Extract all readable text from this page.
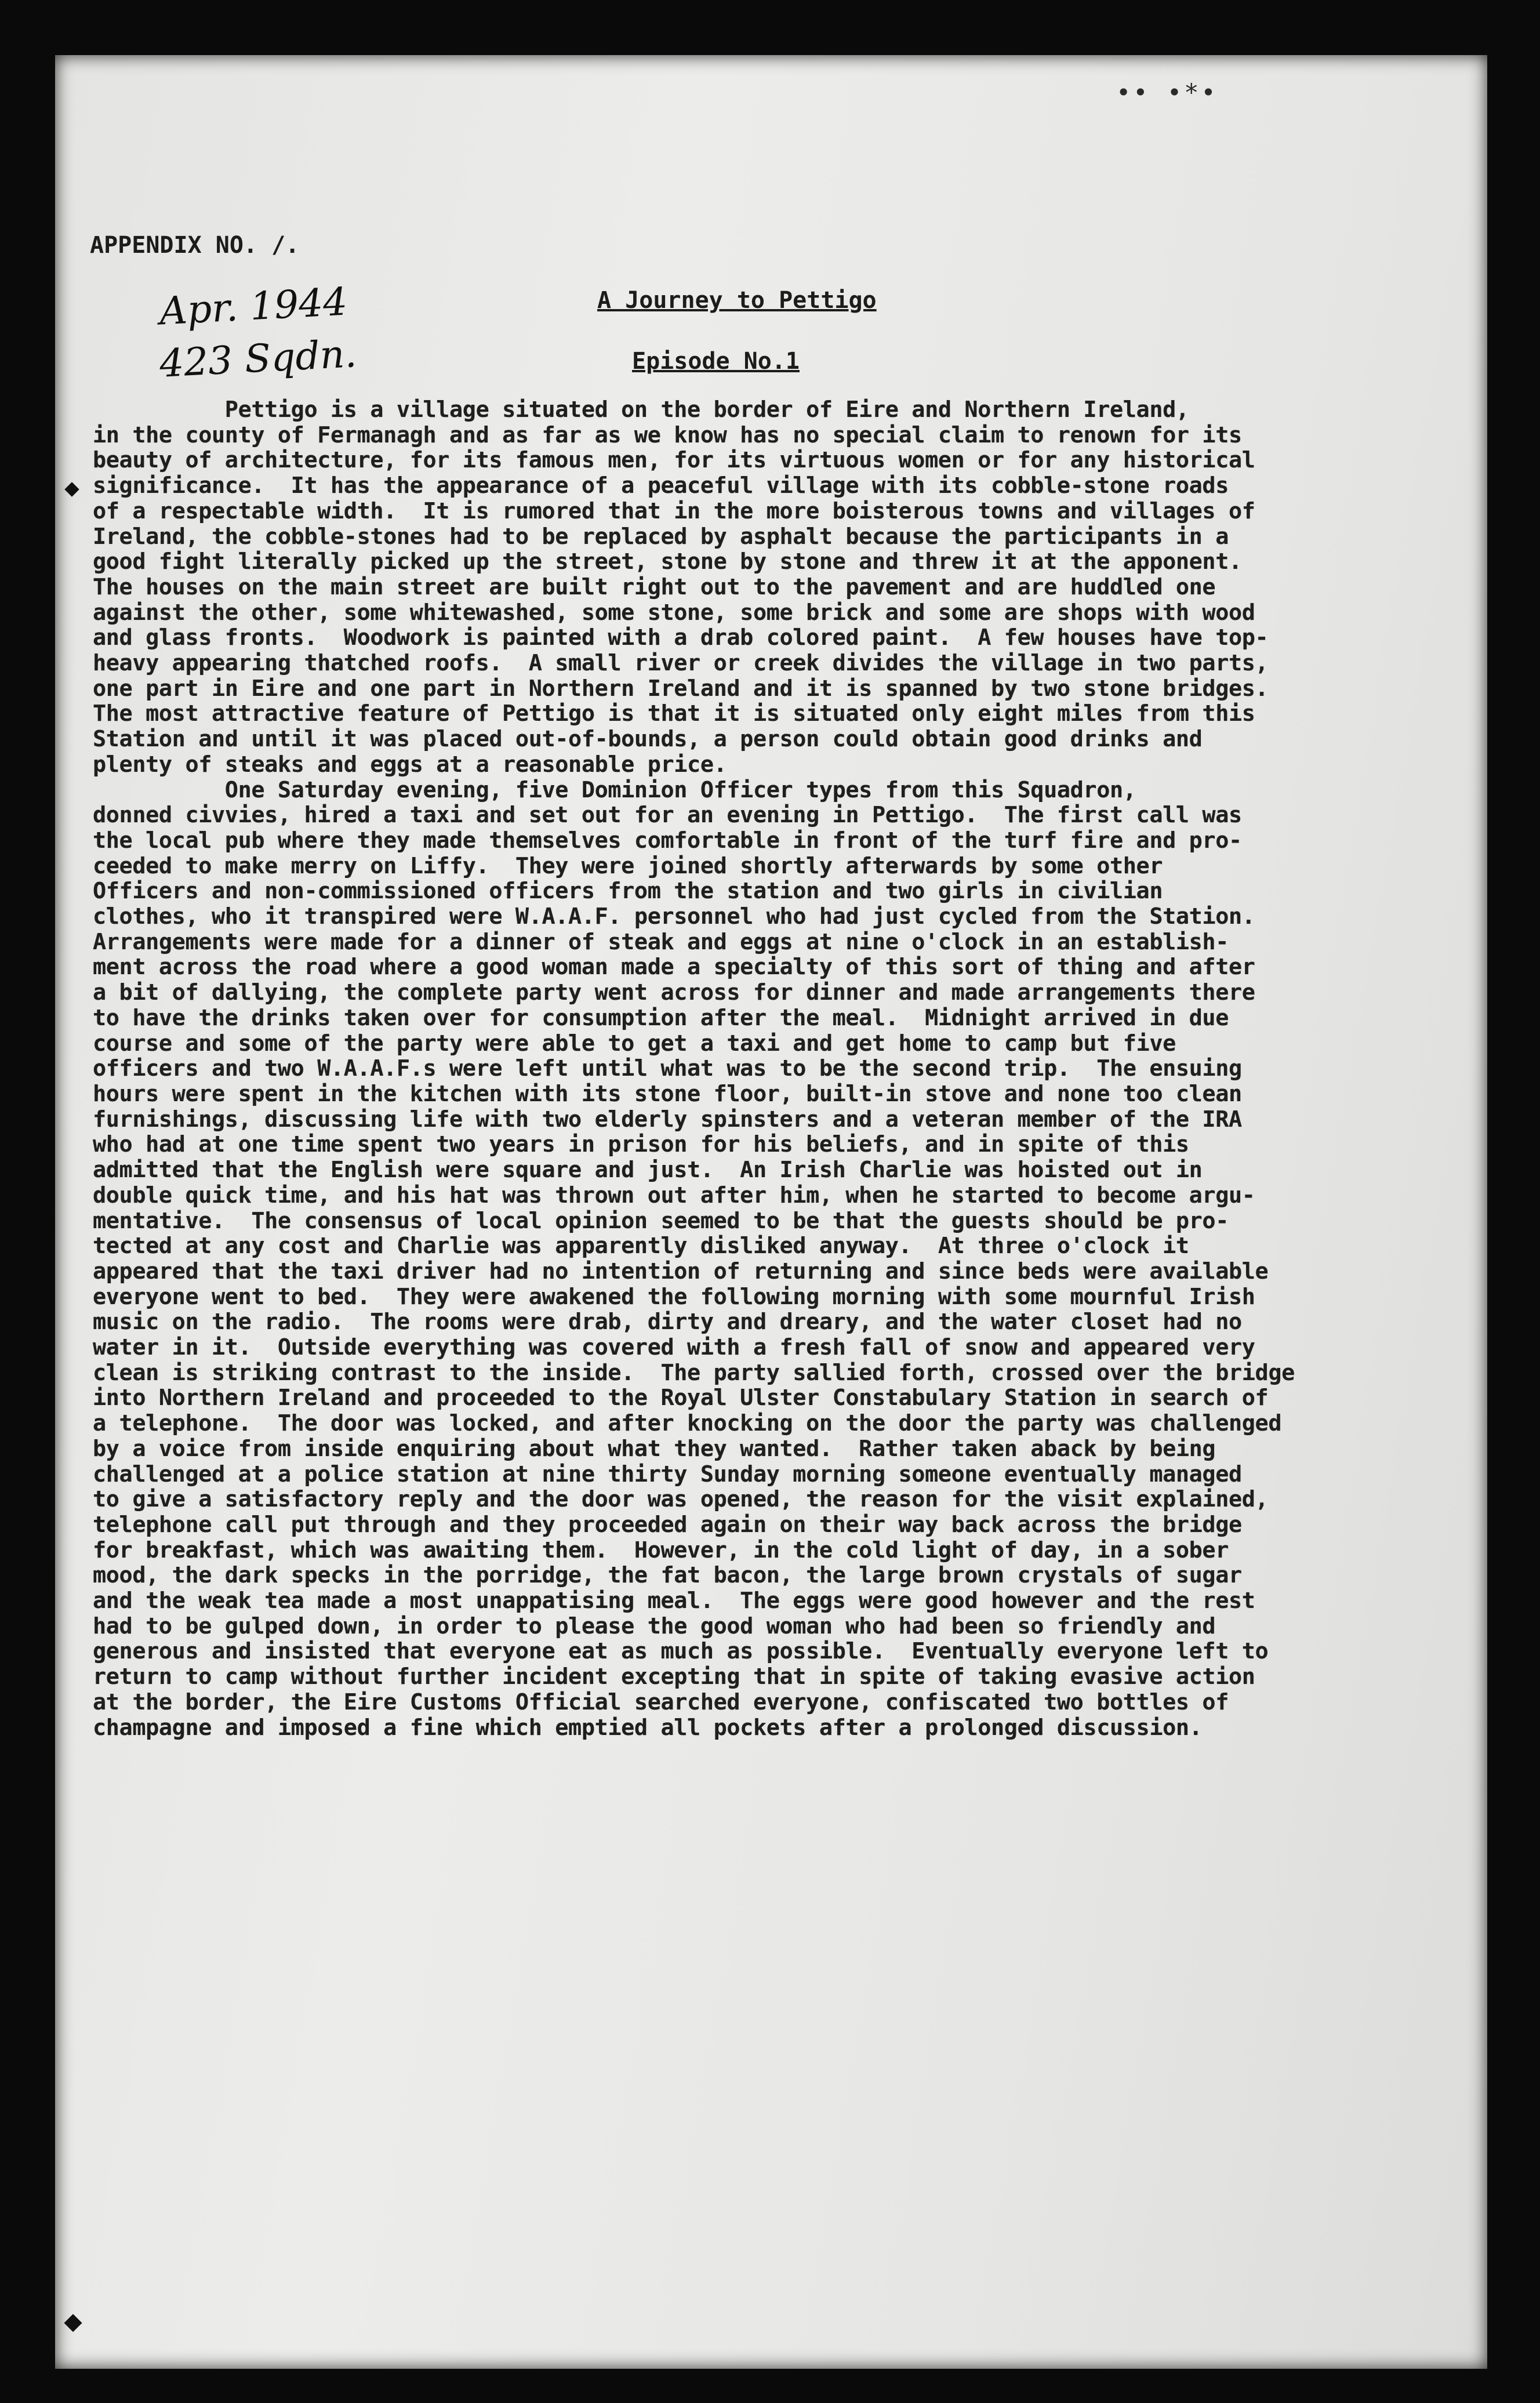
•• •*•
APPENDIX NO. /.
Apr. 1944
423 Sqdn.
A Journey to Pettigo
Episode No.1
Pettigo is a village situated on the border of Eire and Northern Ireland,
in the county of Fermanagh and as far as we know has no special claim to renown for its
beauty of architecture, for its famous men, for its virtuous women or for any historical
significance.  It has the appearance of a peaceful village with its cobble-stone roads
of a respectable width.  It is rumored that in the more boisterous towns and villages of
Ireland, the cobble-stones had to be replaced by asphalt because the participants in a
good fight literally picked up the street, stone by stone and threw it at the apponent.
The houses on the main street are built right out to the pavement and are huddled one
against the other, some whitewashed, some stone, some brick and some are shops with wood
and glass fronts.  Woodwork is painted with a drab colored paint.  A few houses have top-
heavy appearing thatched roofs.  A small river or creek divides the village in two parts,
one part in Eire and one part in Northern Ireland and it is spanned by two stone bridges.
The most attractive feature of Pettigo is that it is situated only eight miles from this
Station and until it was placed out-of-bounds, a person could obtain good drinks and
plenty of steaks and eggs at a reasonable price.
One Saturday evening, five Dominion Officer types from this Squadron,
donned civvies, hired a taxi and set out for an evening in Pettigo.  The first call was
the local pub where they made themselves comfortable in front of the turf fire and pro-
ceeded to make merry on Liffy.  They were joined shortly afterwards by some other
Officers and non-commissioned officers from the station and two girls in civilian
clothes, who it transpired were W.A.A.F. personnel who had just cycled from the Station.
Arrangements were made for a dinner of steak and eggs at nine o'clock in an establish-
ment across the road where a good woman made a specialty of this sort of thing and after
a bit of dallying, the complete party went across for dinner and made arrangements there
to have the drinks taken over for consumption after the meal.  Midnight arrived in due
course and some of the party were able to get a taxi and get home to camp but five
officers and two W.A.A.F.s were left until what was to be the second trip.  The ensuing
hours were spent in the kitchen with its stone floor, built-in stove and none too clean
furnishings, discussing life with two elderly spinsters and a veteran member of the IRA
who had at one time spent two years in prison for his beliefs, and in spite of this
admitted that the English were square and just.  An Irish Charlie was hoisted out in
double quick time, and his hat was thrown out after him, when he started to become argu-
mentative.  The consensus of local opinion seemed to be that the guests should be pro-
tected at any cost and Charlie was apparently disliked anyway.  At three o'clock it
appeared that the taxi driver had no intention of returning and since beds were available
everyone went to bed.  They were awakened the following morning with some mournful Irish
music on the radio.  The rooms were drab, dirty and dreary, and the water closet had no
water in it.  Outside everything was covered with a fresh fall of snow and appeared very
clean is striking contrast to the inside.  The party sallied forth, crossed over the bridge
into Northern Ireland and proceeded to the Royal Ulster Constabulary Station in search of
a telephone.  The door was locked, and after knocking on the door the party was challenged
by a voice from inside enquiring about what they wanted.  Rather taken aback by being
challenged at a police station at nine thirty Sunday morning someone eventually managed
to give a satisfactory reply and the door was opened, the reason for the visit explained,
telephone call put through and they proceeded again on their way back across the bridge
for breakfast, which was awaiting them.  However, in the cold light of day, in a sober
mood, the dark specks in the porridge, the fat bacon, the large brown crystals of sugar
and the weak tea made a most unappatising meal.  The eggs were good however and the rest
had to be gulped down, in order to please the good woman who had been so friendly and
generous and insisted that everyone eat as much as possible.  Eventually everyone left to
return to camp without further incident excepting that in spite of taking evasive action
at the border, the Eire Customs Official searched everyone, confiscated two bottles of
champagne and imposed a fine which emptied all pockets after a prolonged discussion.
